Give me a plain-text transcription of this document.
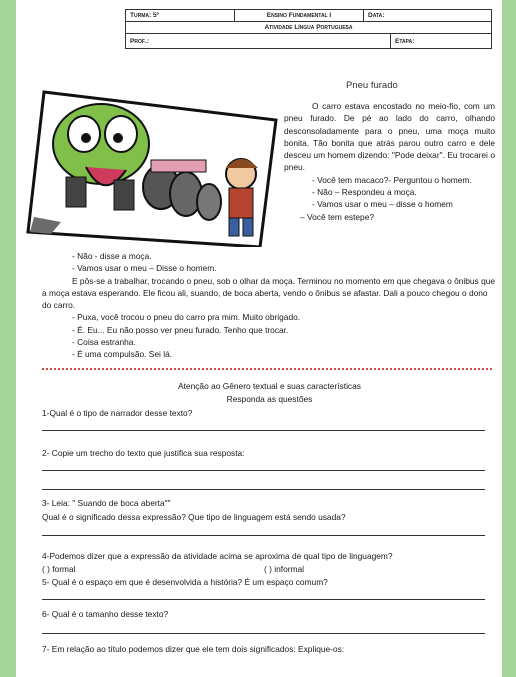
Turma: 5º	Ensino Fundamental I	Data:
Atividade Língua Portuguesa
Prof.:	Etapa:
Pneu furado

O carro estava encostado no meio-fio, com um pneu furado. De pé ao lado do carro, olhando desconsoladamente para o pneu, uma moça muito bonita. Tão bonita que atrás parou outro carro e dele desceu um homem dizendo: "Pode deixar". Eu trocarei o pneu.

- Você tem macaco?- Perguntou o homem.

- Não – Respondeu a moça.

- Vamos usar o meu – disse o homem

– Você tem estepe?

- Não - disse a moça.

- Vamos usar o meu – Disse o homem.

E pôs-se a trabalhar, trocando o pneu, sob o olhar da moça. Terminou no momento em que chegava o ônibus que a moça estava esperando. Ele ficou ali, suando, de boca aberta, vendo o ônibus se afastar. Dali a pouco chegou o dono do carro.

- Puxa, você trocou o pneu do carro pra mim. Muito obrigado.

- É. Eu... Eu não posso ver pneu furado. Tenho que trocar.

- Coisa estranha.

- É uma compulsão. Sei lá.

Atenção ao Gênero textual e suas características
Responda as questões
1-Qual é o tipo de narrador desse texto?
2- Copie um trecho do texto que justifica sua resposta:
3- Leia: " Suando de boca aberta""
Qual é o significado dessa expressão? Que tipo de linguagem está sendo usada?
4-Podemos dizer que a expressão da atividade acima se aproxima de qual tipo de linguagem?
( ) formal	( ) informal
5- Qual é o espaço em que é desenvolvida a história? É um espaço comum?
6- Qual é o tamanho desse texto?
7- Em relação ao título podemos dizer que ele tem dois significados: Explique-os:
